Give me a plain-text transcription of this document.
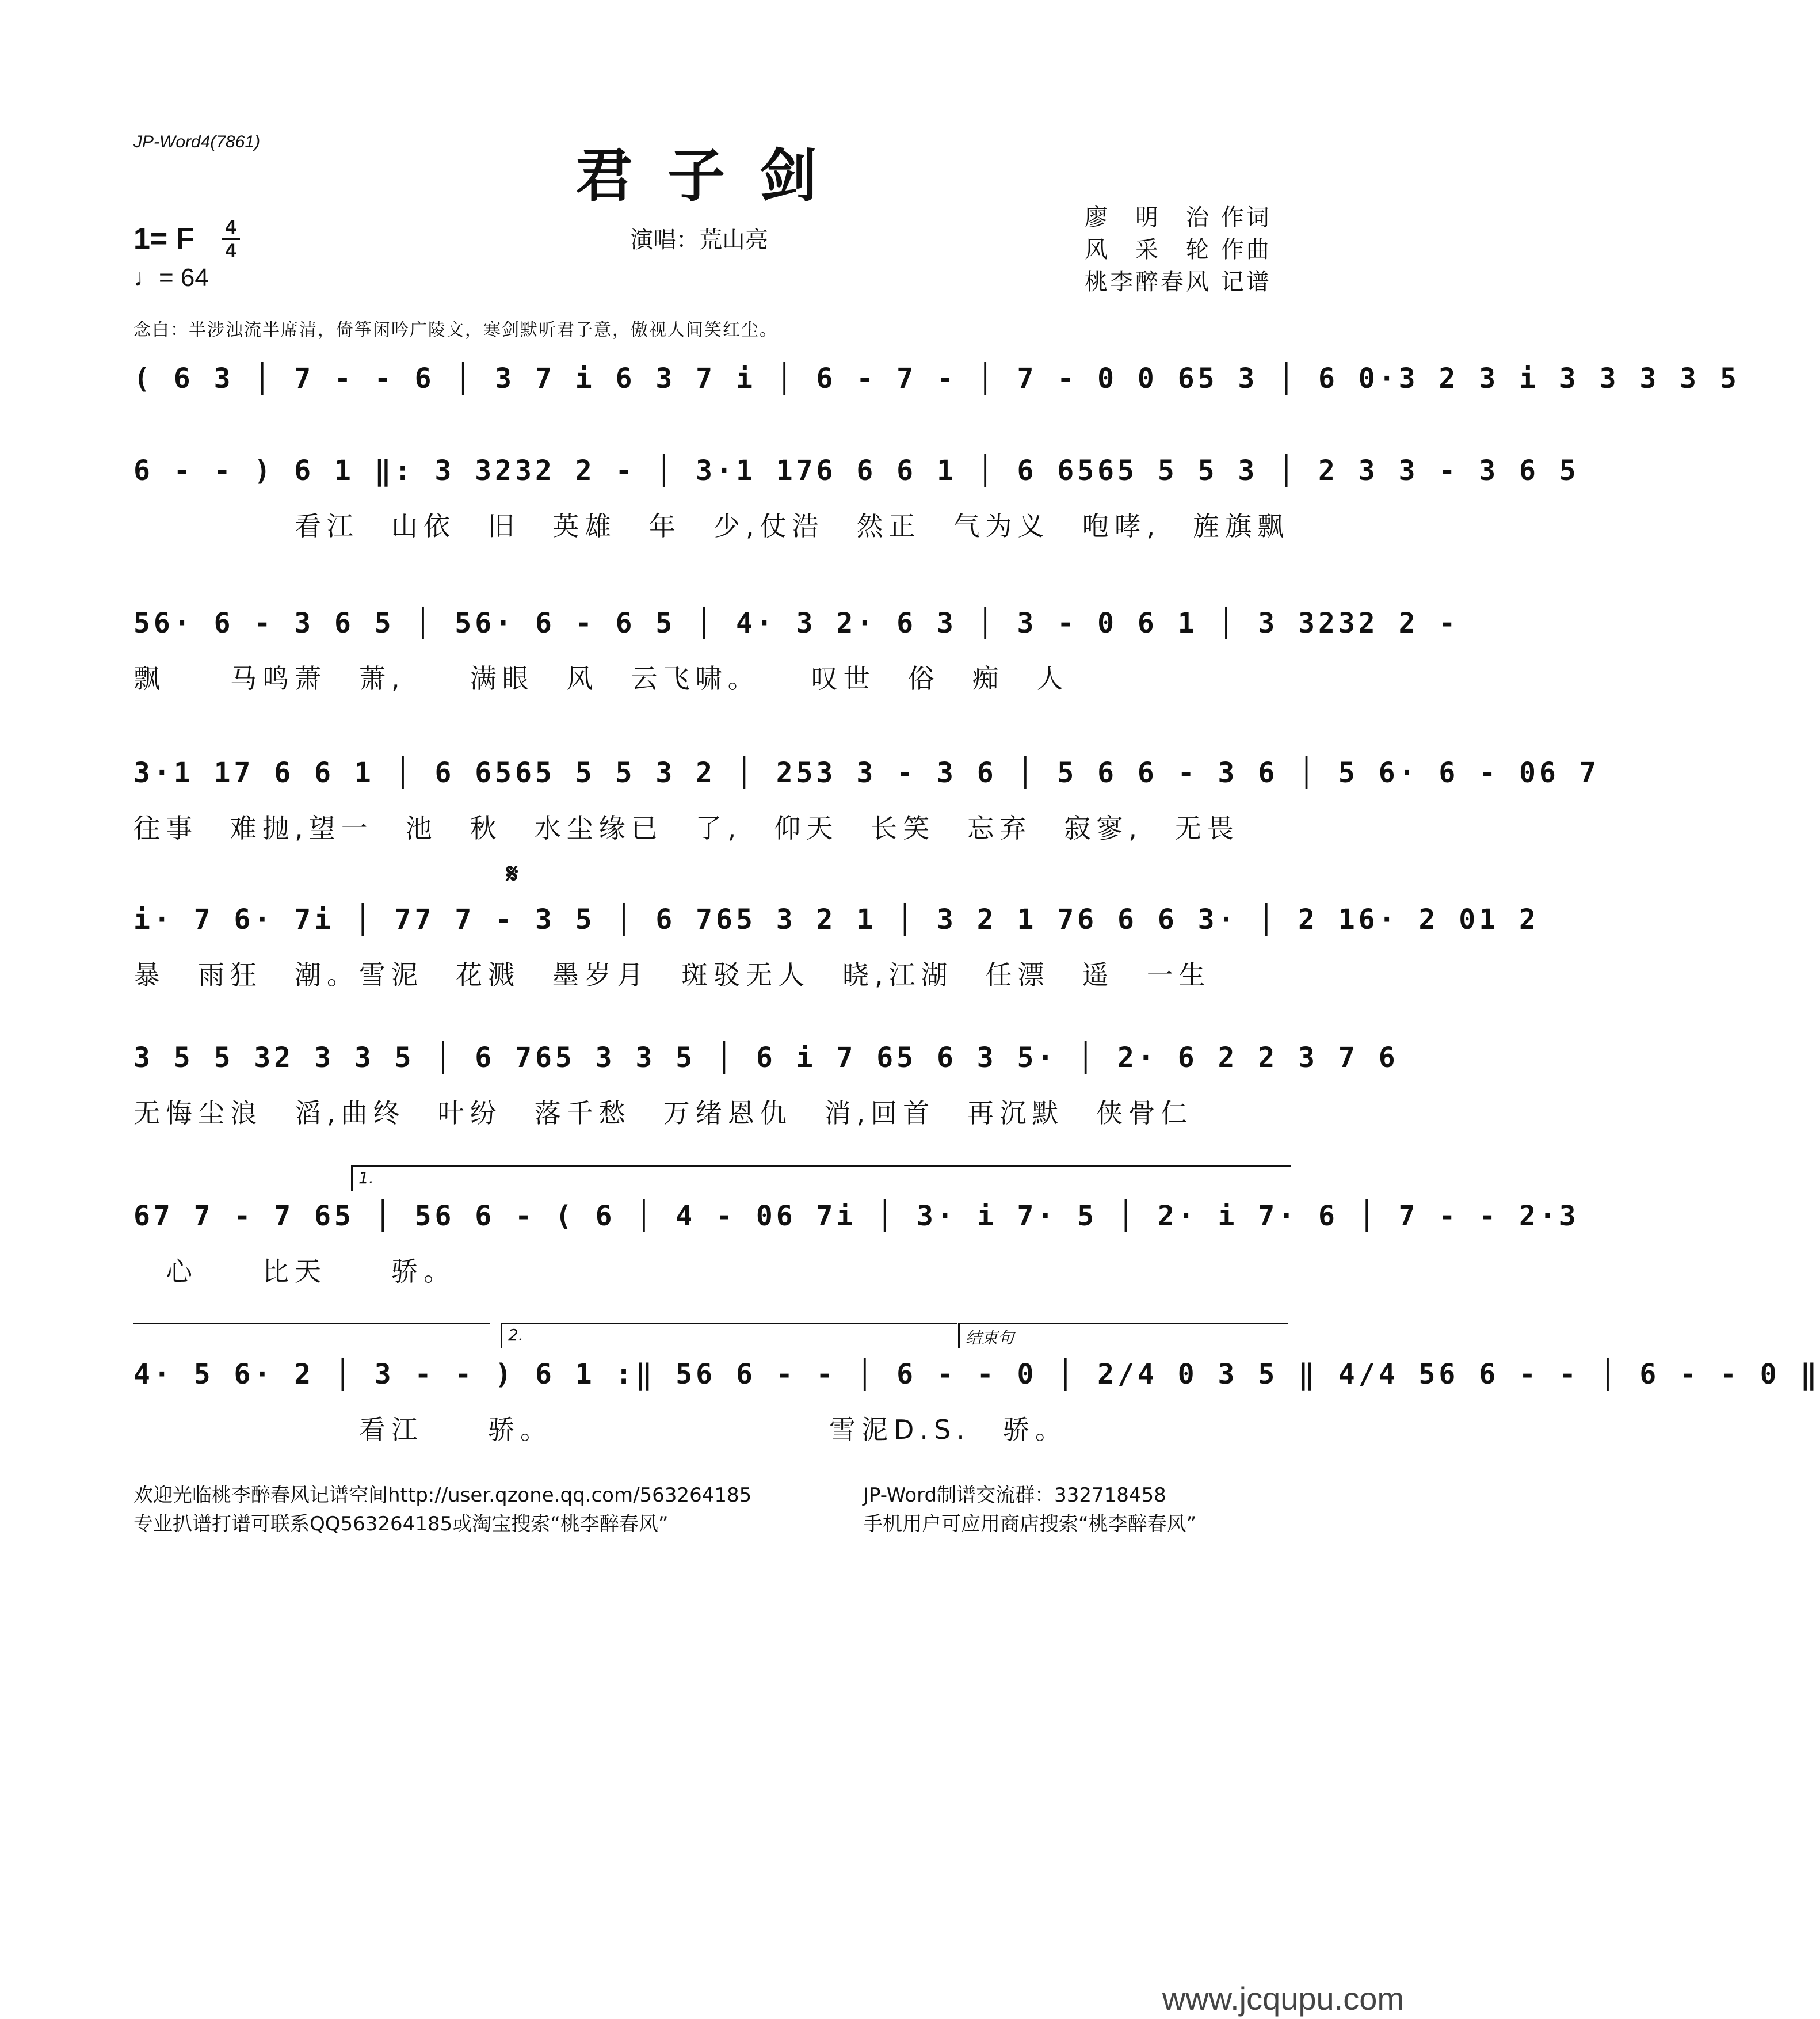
JP-Word4(7861)	君子剑
1= F 4
4
♩= 64
演唱：荒山亮
廖　明　治 作词
风　采　轮 作曲
桃李醉春风 记谱
念白：半涉浊流半席清，倚筝闲吟广陵文，寒剑默听君子意，傲视人间笑红尘。
( 6 3 │ 7 - - 6 │ 3 7 i 6 3 7 i │ 6 - 7 - │ 7 - 0 0 65 3 │ 6 0·3 2 3 i 3 3 3 3 5
6 - - ) 6 1 ‖: 3 3232 2 - │ 3·1 176 6 6 1 │ 6 6565 5 5 3 │ 2 3 3 - 3 6 5
　　　　　看江　山依　旧　英雄　年　少,仗浩　然正　气为义　咆哮,　旌旗飘
56· 6 - 3 6 5 │ 56· 6 - 6 5 │ 4· 3 2· 6 3 │ 3 - 0 6 1 │ 3 3232 2 -
飘　　马鸣萧　萧,　　满眼　风　云飞啸。　　叹世　俗　痴　人
3·1 17 6 6 1 │ 6 6565 5 5 3 2 │ 253 3 - 3 6 │ 5 6 6 - 3 6 │ 5 6· 6 - 06 7
往事　难抛,望一　池　秋　水尘缘已　了,　仰天　长笑　忘弃　寂寥,　无畏
𝄋
i· 7 6· 7i │ 77 7 - 3 5 │ 6 765 3 2 1 │ 3 2 1 76 6 6 3· │ 2 16· 2 01 2
暴　雨狂　潮。雪泥　花溅　墨岁月　斑驳无人　晓,江湖　任漂　遥　一生
3 5 5 32 3 3 5 │ 6 765 3 3 5 │ 6 i 7 65 6 3 5· │ 2· 6 2 2 3 7 6
无悔尘浪　滔,曲终　叶纷　落千愁　万绪恩仇　消,回首　再沉默　侠骨仁
1.
67 7 - 7 65 │ 56 6 - ( 6 │ 4 - 06 7i │ 3· i 7· 5 │ 2· i 7· 6 │ 7 - - 2·3
　心　　比天　　骄。
2.	结束句
4· 5 6· 2 │ 3 - - ) 6 1 :‖ 56 6 - - │ 6 - - 0 │ 2/4 0 3 5 ‖ 4/4 56 6 - - │ 6 - - 0 ‖
　　　　　　　看江　　骄。　　　　　　　　　雪泥D.S.　骄。
欢迎光临桃李醉春风记谱空间http://user.qzone.qq.com/563264185	JP-Word制谱交流群：332718458
专业扒谱打谱可联系QQ563264185或淘宝搜索“桃李醉春风”	手机用户可应用商店搜索“桃李醉春风”
www.jcqupu.com
